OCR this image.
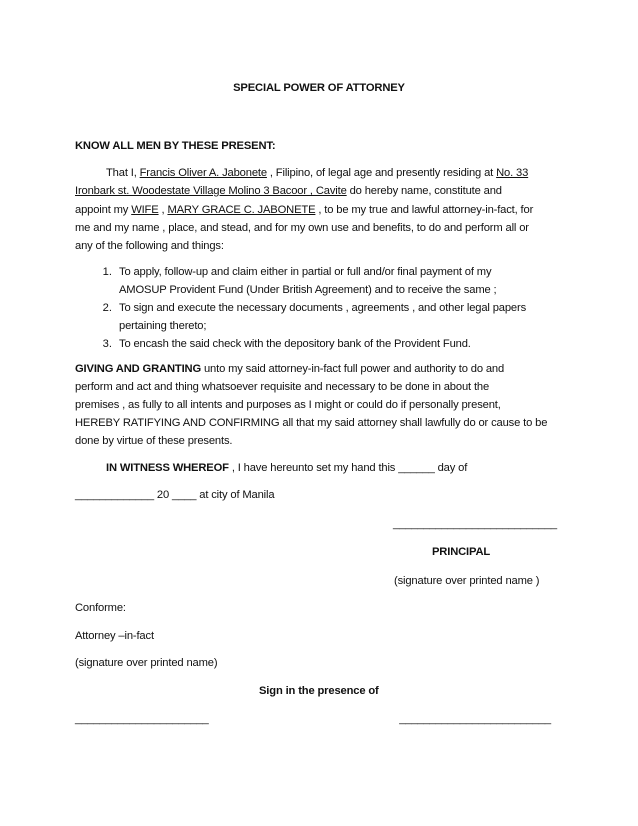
SPECIAL POWER OF ATTORNEY
KNOW ALL MEN BY THESE PRESENT:
That I, Francis Oliver A. Jabonete , Filipino, of legal age and presently residing at No. 33
Ironbark st. Woodestate Village Molino 3 Bacoor , Cavite do hereby name, constitute and
appoint my WIFE , MARY GRACE C. JABONETE , to be my true and lawful attorney-in-fact, for
me and my name , place, and stead, and for my own use and benefits, to do and perform all or
any of the following and things:
1. To apply, follow-up and claim either in partial or full and/or final payment of my
AMOSUP Provident Fund (Under British Agreement) and to receive the same ;
2. To sign and execute the necessary documents , agreements , and other legal papers
pertaining thereto;
3. To encash the said check with the depository bank of the Provident Fund.
GIVING AND GRANTING unto my said attorney-in-fact full power and authority to do and
perform and act and thing whatsoever requisite and necessary to be done in about the
premises , as fully to all intents and purposes as I might or could do if personally present,
HEREBY RATIFYING AND CONFIRMING all that my said attorney shall lawfully do or cause to be
done by virtue of these presents.
IN WITNESS WHEREOF , I have hereunto set my hand this ______ day of
_____________ 20 ____ at city of Manila
___________________________
PRINCIPAL
(signature over printed name )
Conforme:
Attorney –in-fact
(signature over printed name)
Sign in the presence of
______________________	_________________________
